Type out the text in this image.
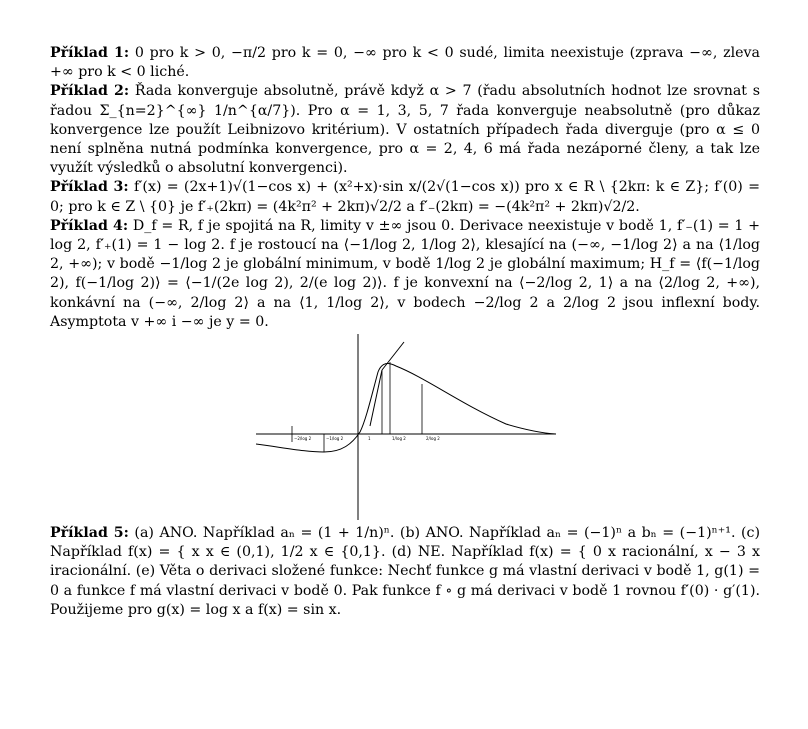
Příklad 1: 0 pro k > 0, −π/2 pro k = 0, −∞ pro k < 0 sudé, limita neexistuje (zprava −∞, zleva +∞ pro k < 0 liché.

Příklad 2: Řada konverguje absolutně, právě když α > 7 (řadu absolutních hodnot lze srovnat s řadou Σ_{n=2}^{∞} 1/n^{α/7}). Pro α = 1, 3, 5, 7 řada konverguje neabsolutně (pro důkaz konvergence lze použít Leibnizovo kritérium). V ostatních případech řada diverguje (pro α ≤ 0 není splněna nutná podmínka konvergence, pro α = 2, 4, 6 má řada nezáporné členy, a tak lze využít výsledků o absolutní konvergenci).

Příklad 3: f′(x) = (2x+1)√(1−cos x) + (x²+x)·sin x/(2√(1−cos x)) pro x ∈ R \ {2kπ: k ∈ Z}; f′(0) = 0; pro k ∈ Z \ {0} je f′₊(2kπ) = (4k²π² + 2kπ)√2/2 a f′₋(2kπ) = −(4k²π² + 2kπ)√2/2.

Příklad 4: D_f = R, f je spojitá na R, limity v ±∞ jsou 0. Derivace neexistuje v bodě 1, f′₋(1) = 1 + log 2, f′₊(1) = 1 − log 2. f je rostoucí na ⟨−1/log 2, 1/log 2⟩, klesající na (−∞, −1/log 2⟩ a na ⟨1/log 2, +∞); v bodě −1/log 2 je globální minimum, v bodě 1/log 2 je globální maximum; H_f = ⟨f(−1/log 2), f(−1/log 2)⟩ = ⟨−1/(2e log 2), 2/(e log 2)⟩. f je konvexní na ⟨−2/log 2, 1⟩ a na ⟨2/log 2, +∞), konkávní na (−∞, 2/log 2⟩ a na ⟨1, 1/log 2⟩, v bodech −2/log 2 a 2/log 2 jsou inflexní body. Asymptota v +∞ i −∞ je y = 0.

−2/log 2	−1/log 2	1	1/log 2	2/log 2

Příklad 5: (a) ANO. Například aₙ = (1 + 1/n)ⁿ. (b) ANO. Například aₙ = (−1)ⁿ a bₙ = (−1)ⁿ⁺¹. (c) Například f(x) = { x x ∈ (0,1), 1/2 x ∈ {0,1}. (d) NE. Například f(x) = { 0 x racionální, x − 3 x iracionální. (e) Věta o derivaci složené funkce: Nechť funkce g má vlastní derivaci v bodě 1, g(1) = 0 a funkce f má vlastní derivaci v bodě 0. Pak funkce f ∘ g má derivaci v bodě 1 rovnou f′(0) · g′(1). Použijeme pro g(x) = log x a f(x) = sin x.
